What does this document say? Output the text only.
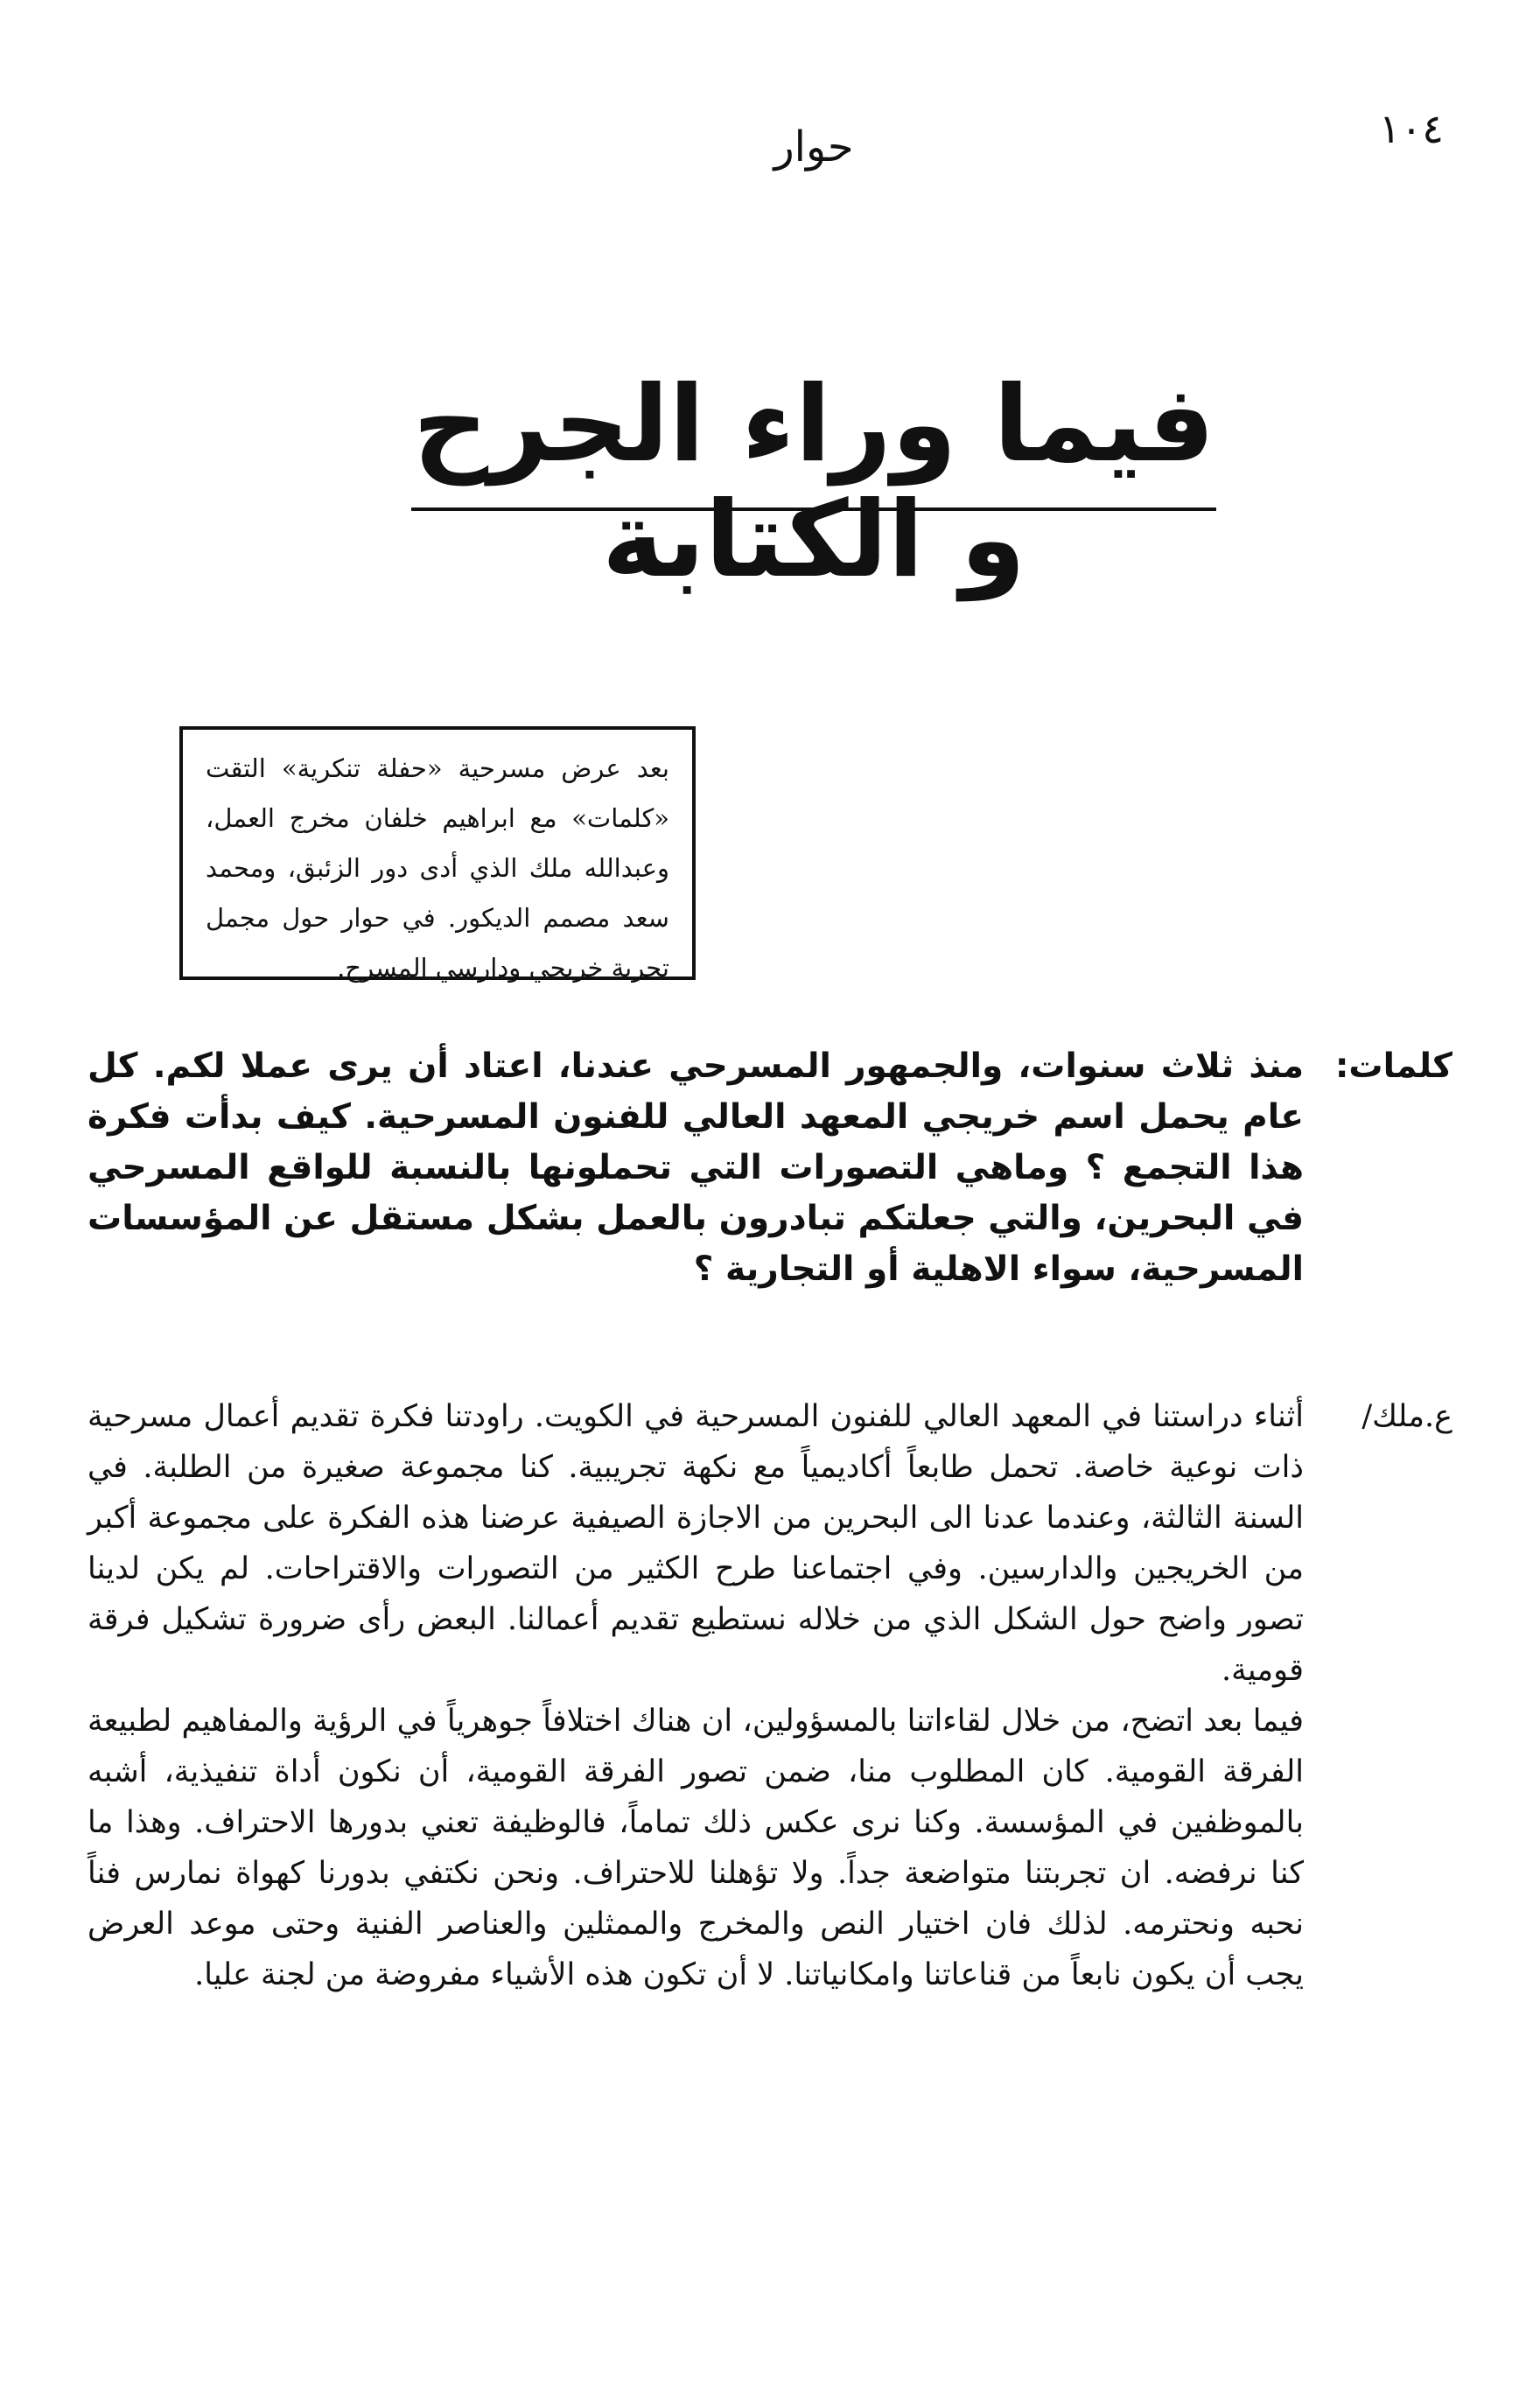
١٠٤
حوار
فيما وراء الجرح و الكتابة
بعد عرض مسرحية «حفلة تنكرية» التقت «كلمات» مع ابراهيم خلفان مخرج العمل، وعبدالله ملك الذي أدى دور الزئبق، ومحمد سعد مصمم الديكور. في حوار حول مجمل تجربة خريجي ودارسي المسرح.
كلمات:
منذ ثلاث سنوات، والجمهور المسرحي عندنا، اعتاد أن يرى عملا لكم. كل عام يحمل اسم خريجي المعهد العالي للفنون المسرحية. كيف بدأت فكرة هذا التجمع ؟ وماهي التصورات التي تحملونها بالنسبة للواقع المسرحي في البحرين، والتي جعلتكم تبادرون بالعمل بشكل مستقل عن المؤسسات المسرحية، سواء الاهلية أو التجارية ؟
ع.ملك/

أثناء دراستنا في المعهد العالي للفنون المسرحية في الكويت. راودتنا فكرة تقديم أعمال مسرحية ذات نوعية خاصة. تحمل طابعاً أكاديمياً مع نكهة تجريبية. كنا مجموعة صغيرة من الطلبة. في السنة الثالثة، وعندما عدنا الى البحرين من الاجازة الصيفية عرضنا هذه الفكرة على مجموعة أكبر من الخريجين والدارسين. وفي اجتماعنا طرح الكثير من التصورات والاقتراحات. لم يكن لدينا تصور واضح حول الشكل الذي من خلاله نستطيع تقديم أعمالنا. البعض رأى ضرورة تشكيل فرقة قومية.

فيما بعد اتضح، من خلال لقاءاتنا بالمسؤولين، ان هناك اختلافاً جوهرياً في الرؤية والمفاهيم لطبيعة الفرقة القومية. كان المطلوب منا، ضمن تصور الفرقة القومية، أن نكون أداة تنفيذية، أشبه بالموظفين في المؤسسة. وكنا نرى عكس ذلك تماماً، فالوظيفة تعني بدورها الاحتراف. وهذا ما كنا نرفضه. ان تجربتنا متواضعة جداً. ولا تؤهلنا للاحتراف. ونحن نكتفي بدورنا كهواة نمارس فناً نحبه ونحترمه. لذلك فان اختيار النص والمخرج والممثلين والعناصر الفنية وحتى موعد العرض يجب أن يكون نابعاً من قناعاتنا وامكانياتنا. لا أن تكون هذه الأشياء مفروضة من لجنة عليا.
